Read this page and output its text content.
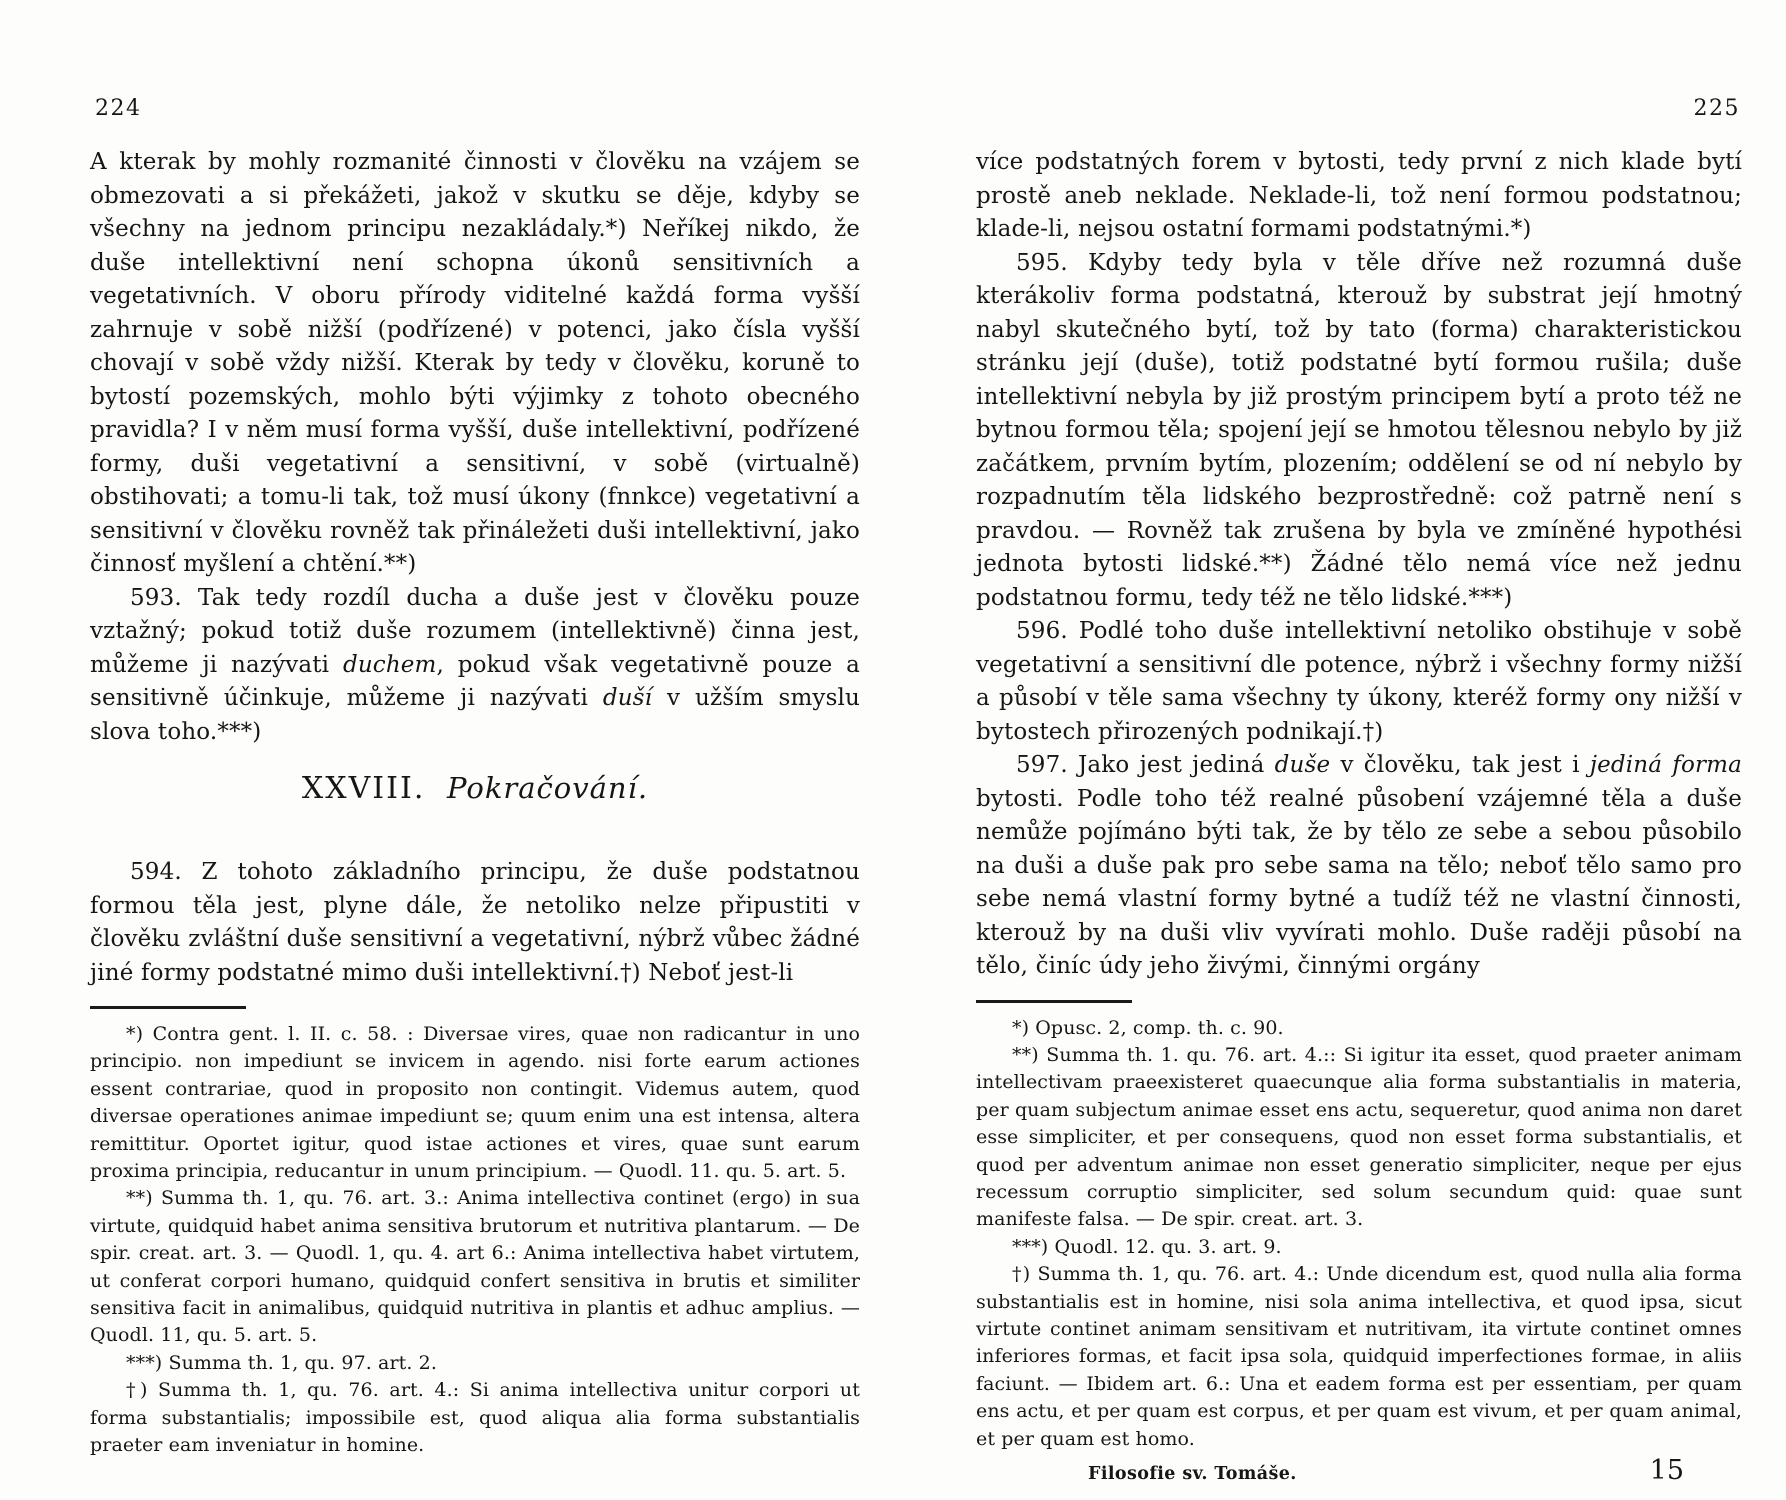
224

A kterak by mohly rozmanité činnosti v člověku na vzájem se obmezovati a si překážeti, jakož v skutku se děje, kdyby se všechny na jednom principu nezakládaly.*) Neříkej nikdo, že duše intellektivní není schopna úkonů sensitivních a vegetativních. V oboru přírody viditelné každá forma vyšší zahrnuje v sobě nižší (podřízené) v potenci, jako čísla vyšší chovají v sobě vždy nižší. Kterak by tedy v člověku, koruně to bytostí pozemských, mohlo býti výjimky z tohoto obecného pravidla? I v něm musí forma vyšší, duše intellektivní, podřízené formy, duši vegetativní a sensitivní, v sobě (virtualně) obstihovati; a tomu-li tak, tož musí úkony (fnnkce) vegetativní a sensitivní v člověku rovněž tak přináležeti duši intellektivní, jako činnosť myšlení a chtění.**)

593. Tak tedy rozdíl ducha a duše jest v člověku pouze vztažný; pokud totiž duše rozumem (intellektivně) činna jest, můžeme ji nazývati duchem, pokud však vegetativně pouze a sensitivně účinkuje, můžeme ji nazývati duší v užším smyslu slova toho.***)

XXVIII. Pokračování.

594. Z tohoto základního principu, že duše podstatnou formou těla jest, plyne dále, že netoliko nelze připustiti v člověku zvláštní duše sensitivní a vegetativní, nýbrž vůbec žádné jiné formy podstatné mimo duši intellektivní.†) Neboť jest-li

*) Contra gent. l. II. c. 58. : Diversae vires, quae non radicantur in uno principio. non impediunt se invicem in agendo. nisi forte earum actiones essent contrariae, quod in proposito non contingit. Videmus autem, quod diversae operationes animae impediunt se; quum enim una est intensa, altera remittitur. Oportet igitur, quod istae actiones et vires, quae sunt earum proxima principia, reducantur in unum principium. — Quodl. 11. qu. 5. art. 5.

**) Summa th. 1, qu. 76. art. 3.: Anima intellectiva continet (ergo) in sua virtute, quidquid habet anima sensitiva brutorum et nutritiva plantarum. — De spir. creat. art. 3. — Quodl. 1, qu. 4. art 6.: Anima intellectiva habet virtutem, ut conferat corpori humano, quidquid confert sensitiva in brutis et similiter sensitiva facit in animalibus, quidquid nutritiva in plantis et adhuc amplius. — Quodl. 11, qu. 5. art. 5.

***) Summa th. 1, qu. 97. art. 2.

†) Summa th. 1, qu. 76. art. 4.: Si anima intellectiva unitur corpori ut forma substantialis; impossibile est, quod aliqua alia forma substantialis praeter eam inveniatur in homine.

225

více podstatných forem v bytosti, tedy první z nich klade bytí prostě aneb neklade. Neklade-li, tož není formou podstatnou; klade-li, nejsou ostatní formami podstatnými.*)

595. Kdyby tedy byla v těle dříve než rozumná duše kterákoliv forma podstatná, kterouž by substrat její hmotný nabyl skutečného bytí, tož by tato (forma) charakteristickou stránku její (duše), totiž podstatné bytí formou rušila; duše intellektivní nebyla by již prostým principem bytí a proto též ne bytnou formou těla; spojení její se hmotou tělesnou nebylo by již začátkem, prvním bytím, plozením; oddělení se od ní nebylo by rozpadnutím těla lidského bezprostředně: což patrně není s pravdou. — Rovněž tak zrušena by byla ve zmíněné hypothési jednota bytosti lidské.**) Žádné tělo nemá více než jednu podstatnou formu, tedy též ne tělo lidské.***)

596. Podlé toho duše intellektivní netoliko obstihuje v sobě vegetativní a sensitivní dle potence, nýbrž i všechny formy nižší a působí v těle sama všechny ty úkony, kteréž formy ony nižší v bytostech přirozených podnikají.†)

597. Jako jest jediná duše v člověku, tak jest i jediná forma bytosti. Podle toho též realné působení vzájemné těla a duše nemůže pojímáno býti tak, že by tělo ze sebe a sebou působilo na duši a duše pak pro sebe sama na tělo; neboť tělo samo pro sebe nemá vlastní formy bytné a tudíž též ne vlastní činnosti, kterouž by na duši vliv vyvírati mohlo. Duše raději působí na tělo, činíc údy jeho živými, činnými orgány

*) Opusc. 2, comp. th. c. 90.

**) Summa th. 1. qu. 76. art. 4.:: Si igitur ita esset, quod praeter animam intellectivam praeexisteret quaecunque alia forma substantialis in materia, per quam subjectum animae esset ens actu, sequeretur, quod anima non daret esse simpliciter, et per consequens, quod non esset forma substantialis, et quod per adventum animae non esset generatio simpliciter, neque per ejus recessum corruptio simpliciter, sed solum secundum quid: quae sunt manifeste falsa. — De spir. creat. art. 3.

***) Quodl. 12. qu. 3. art. 9.

†) Summa th. 1, qu. 76. art. 4.: Unde dicendum est, quod nulla alia forma substantialis est in homine, nisi sola anima intellectiva, et quod ipsa, sicut virtute continet animam sensitivam et nutritivam, ita virtute continet omnes inferiores formas, et facit ipsa sola, quidquid imperfectiones formae, in aliis faciunt. — Ibidem art. 6.: Una et eadem forma est per essentiam, per quam ens actu, et per quam est corpus, et per quam est vivum, et per quam animal, et per quam est homo.

Filosofie sv. Tomáše.	15
